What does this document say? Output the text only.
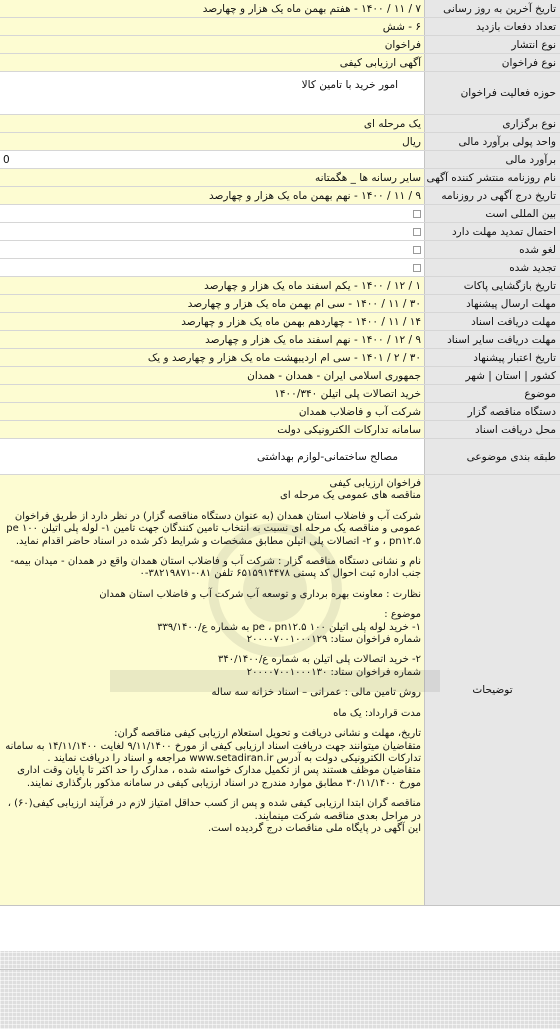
تاریخ آخرین به روز رسانی
۷ / ۱۱ / ۱۴۰۰ - هفتم بهمن ماه یک هزار و چهارصد
تعداد دفعات بازدید
۶ - شش
نوع انتشار
فراخوان
نوع فراخوان
آگهی ارزیابی کیفی
حوزه فعالیت فراخوان
امور خرید با تامین کالا
نوع برگزاری
یک مرحله ای
واحد پولی برآورد مالی
ریال
برآورد مالی
0
نام روزنامه منتشر کننده آگهی
سایر رسانه ها _ هگمتانه
تاریخ درج آگهی در روزنامه
۹ / ۱۱ / ۱۴۰۰ - نهم بهمن ماه یک هزار و چهارصد
بین المللی است
احتمال تمدید مهلت دارد
لغو شده
تجدید شده
تاریخ بازگشایی پاکات
۱ / ۱۲ / ۱۴۰۰ - یکم اسفند ماه یک هزار و چهارصد
مهلت ارسال پیشنهاد
۳۰ / ۱۱ / ۱۴۰۰ - سی ام بهمن ماه یک هزار و چهارصد
مهلت دریافت اسناد
۱۴ / ۱۱ / ۱۴۰۰ - چهاردهم بهمن ماه یک هزار و چهارصد
مهلت دریافت سایر اسناد
۹ / ۱۲ / ۱۴۰۰ - نهم اسفند ماه یک هزار و چهارصد
تاریخ اعتبار پیشنهاد
۳۰ / ۲ / ۱۴۰۱ - سی ام اردیبهشت ماه یک هزار و چهارصد و یک
کشور | استان | شهر
جمهوری اسلامی ایران - همدان - همدان
موضوع
خرید اتصالات پلی اتیلن ۱۴۰۰/۳۴۰
دستگاه مناقصه گزار
شرکت آب و فاضلاب همدان
محل دریافت اسناد
سامانه تدارکات الکترونیکی دولت
طبقه بندی موضوعی
مصالح ساختمانی-لوازم بهداشتی
توضیحات

فراخوان ارزیابی کیفی
مناقصه های عمومی یک مرحله ای

شرکت آب و فاضلاب استان همدان (به عنوان دستگاه مناقصه گزار) در نظر دارد از طریق فراخوان عمومی و مناقصه یک مرحله ای نسبت به انتخاب تامین کنندگان جهت تامین ۱- لوله پلی اتیلن ۱۰۰ pe ، pn۱۲.۵ و ۲- اتصالات پلی اتیلن مطابق مشخصات و شرایط ذکر شده در اسناد حاضر اقدام نماید.

نام و نشانی دستگاه مناقصه گزار : شرکت آب و فاضلاب استان همدان واقع در همدان - میدان بیمه- جنب اداره ثبت احوال کد پستی ۶۵۱۵۹۱۴۴۷۸ تلفن ۰۸۱-۳۸۲۱۹۸۷۱-۰

نظارت : معاونت بهره برداری و توسعه آب شرکت آب و فاضلاب استان همدان

موضوع :
۱- خرید لوله پلی اتیلن ۱۰۰ pe ، pn۱۲.۵ به شماره ع/۳۳۹/۱۴۰۰
شماره فراخوان ستاد: ۲۰۰۰۰۷۰۰۱۰۰۰۱۲۹

۲- خرید اتصالات پلی اتیلن به شماره ع/۳۴۰/۱۴۰۰
شماره فراخوان ستاد: ۲۰۰۰۰۷۰۰۱۰۰۰۱۳۰

روش تامین مالی : عمرانی – اسناد خزانه سه ساله

مدت قرارداد: یک ماه

تاریخ، مهلت و نشانی دریافت و تحویل استعلام ارزیابی کیفی مناقصه گران:
متقاضیان میتوانند جهت دریافت اسناد ارزیابی کیفی از مورخ ۹/۱۱/۱۴۰۰ لغایت ۱۴/۱۱/۱۴۰۰ به سامانه تدارکات الکترونیکی دولت به آدرس www.setadiran.ir مراجعه و اسناد را دریافت نمایند .
متقاضیان موظف هستند پس از تکمیل مدارک خواسته شده ، مدارک را حد اکثر تا پایان وقت اداری مورخ ۳۰/۱۱/۱۴۰۰ مطابق موارد مندرج در اسناد ارزیابی کیفی در سامانه مذکور بارگذاری نمایند.

مناقصه گران ابتدا ارزیابی کیفی شده و پس از کسب حداقل امتیاز لازم در فرآیند ارزیابی کیفی(۶۰) ، در مراحل بعدی مناقصه شرکت مینمایند.
این آگهی در پایگاه ملی مناقصات درج گردیده است.
